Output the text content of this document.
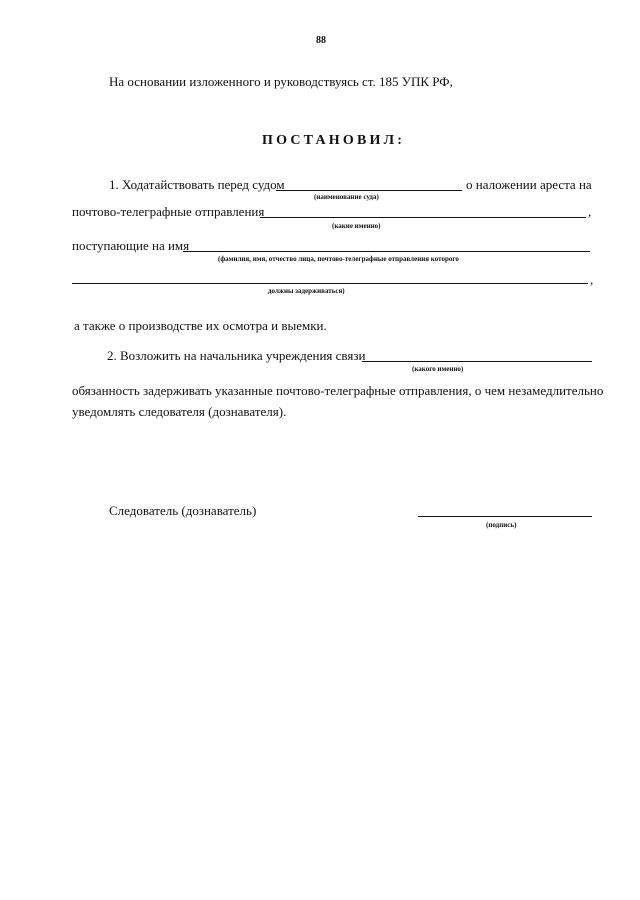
88
На основании изложенного и руководствуясь ст. 185 УПК РФ,
ПОСТАНОВИЛ:
1. Ходатайствовать перед судом	о наложении ареста на
(наименование суда)
почтово-телеграфные отправления	,
(какие именно)
поступающие на имя
(фамилия, имя, отчество лица, почтово-телеграфные отправления которого
,
должны задерживаться)
а также о производстве их осмотра и выемки.
2. Возложить на начальника учреждения связи
(какого именно)
обязанность задерживать указанные почтово-телеграфные отправления, о чем незамедлительно
уведомлять следователя (дознавателя).
Следователь (дознаватель)
(подпись)
